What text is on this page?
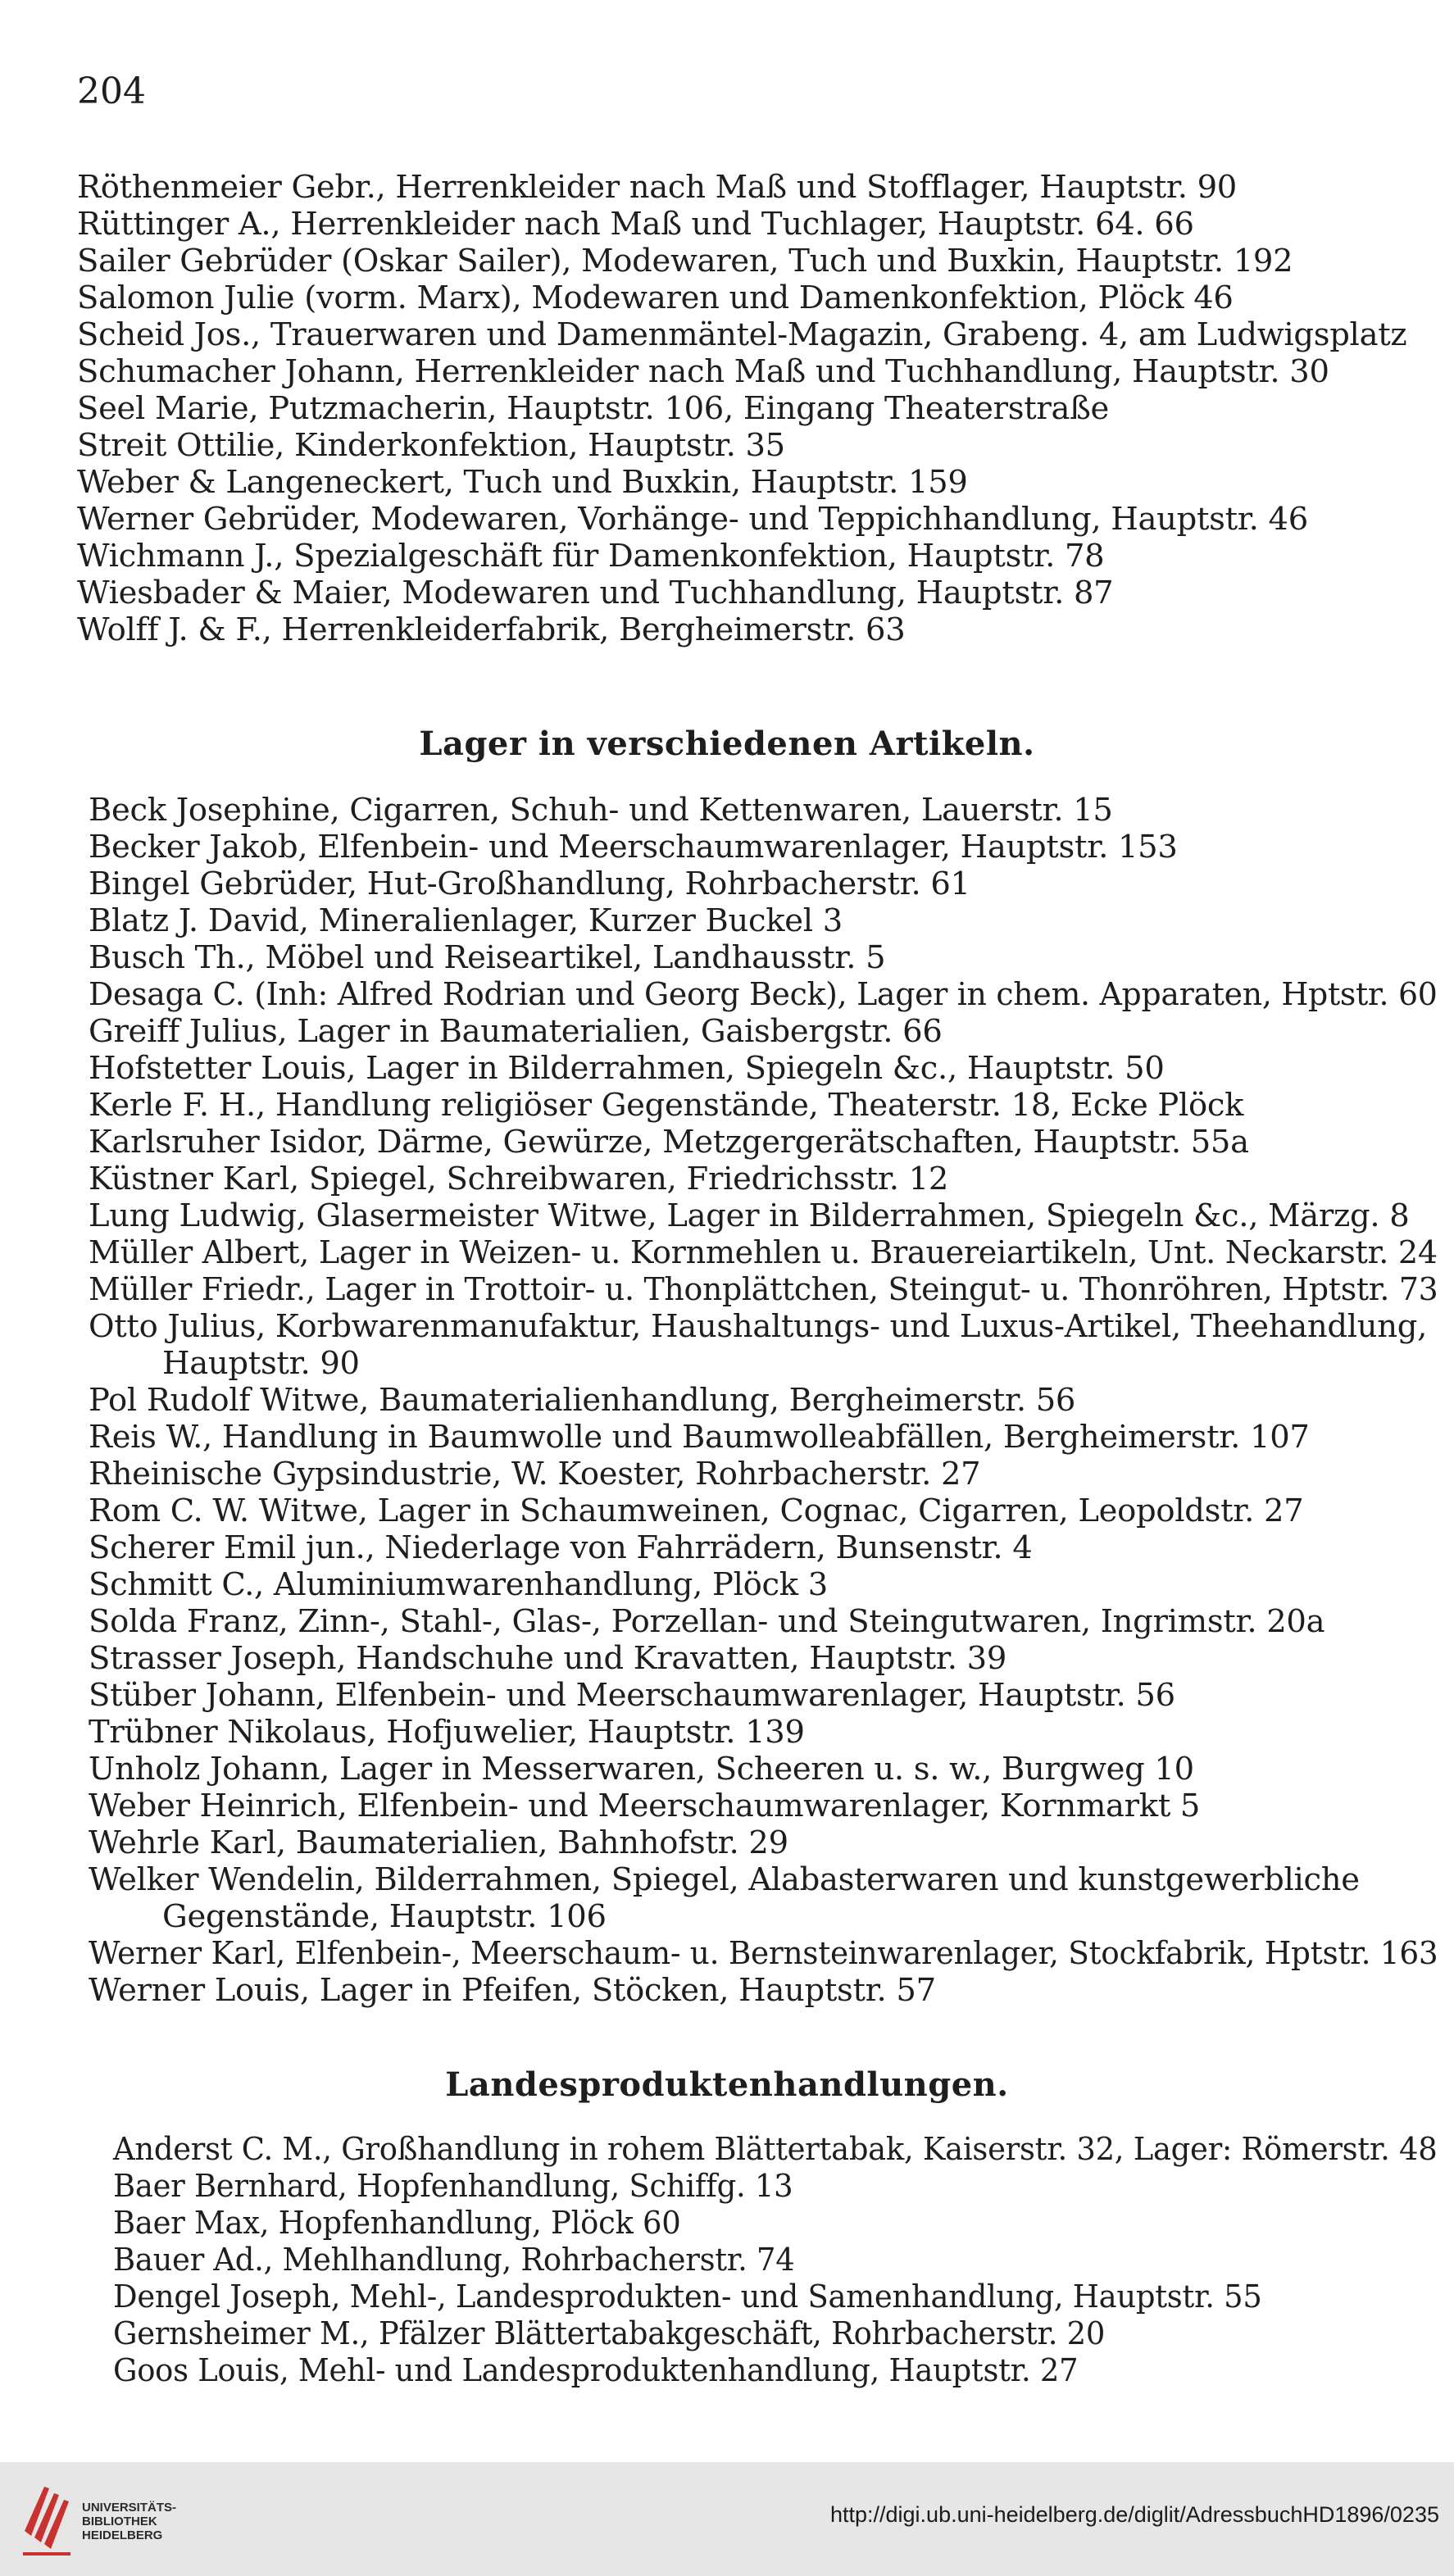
204
Röthenmeier Gebr., Herrenkleider nach Maß und Stofflager, Hauptstr. 90
Rüttinger A., Herrenkleider nach Maß und Tuchlager, Hauptstr. 64. 66
Sailer Gebrüder (Oskar Sailer), Modewaren, Tuch und Buxkin, Hauptstr. 192
Salomon Julie (vorm. Marx), Modewaren und Damenkonfektion, Plöck 46
Scheid Jos., Trauerwaren und Damenmäntel-Magazin, Grabeng. 4, am Ludwigsplatz
Schumacher Johann, Herrenkleider nach Maß und Tuchhandlung, Hauptstr. 30
Seel Marie, Putzmacherin, Hauptstr. 106, Eingang Theaterstraße
Streit Ottilie, Kinderkonfektion, Hauptstr. 35
Weber & Langeneckert, Tuch und Buxkin, Hauptstr. 159
Werner Gebrüder, Modewaren, Vorhänge- und Teppichhandlung, Hauptstr. 46
Wichmann J., Spezialgeschäft für Damenkonfektion, Hauptstr. 78
Wiesbader & Maier, Modewaren und Tuchhandlung, Hauptstr. 87
Wolff J. & F., Herrenkleiderfabrik, Bergheimerstr. 63
Lager in verschiedenen Artikeln.
Beck Josephine, Cigarren, Schuh- und Kettenwaren, Lauerstr. 15
Becker Jakob, Elfenbein- und Meerschaumwarenlager, Hauptstr. 153
Bingel Gebrüder, Hut-Großhandlung, Rohrbacherstr. 61
Blatz J. David, Mineralienlager, Kurzer Buckel 3
Busch Th., Möbel und Reiseartikel, Landhausstr. 5
Desaga C. (Inh: Alfred Rodrian und Georg Beck), Lager in chem. Apparaten, Hptstr. 60
Greiff Julius, Lager in Baumaterialien, Gaisbergstr. 66
Hofstetter Louis, Lager in Bilderrahmen, Spiegeln &c., Hauptstr. 50
Kerle F. H., Handlung religiöser Gegenstände, Theaterstr. 18, Ecke Plöck
Karlsruher Isidor, Därme, Gewürze, Metzgergerätschaften, Hauptstr. 55a
Küstner Karl, Spiegel, Schreibwaren, Friedrichsstr. 12
Lung Ludwig, Glasermeister Witwe, Lager in Bilderrahmen, Spiegeln &c., Märzg. 8
Müller Albert, Lager in Weizen- u. Kornmehlen u. Brauereiartikeln, Unt. Neckarstr. 24
Müller Friedr., Lager in Trottoir- u. Thonplättchen, Steingut- u. Thonröhren, Hptstr. 73
Otto Julius, Korbwarenmanufaktur, Haushaltungs- und Luxus-Artikel, Theehandlung, Hauptstr. 90
Pol Rudolf Witwe, Baumaterialienhandlung, Bergheimerstr. 56
Reis W., Handlung in Baumwolle und Baumwolleabfällen, Bergheimerstr. 107
Rheinische Gypsindustrie, W. Koester, Rohrbacherstr. 27
Rom C. W. Witwe, Lager in Schaumweinen, Cognac, Cigarren, Leopoldstr. 27
Scherer Emil jun., Niederlage von Fahrrädern, Bunsenstr. 4
Schmitt C., Aluminiumwarenhandlung, Plöck 3
Solda Franz, Zinn-, Stahl-, Glas-, Porzellan- und Steingutwaren, Ingrimstr. 20a
Strasser Joseph, Handschuhe und Kravatten, Hauptstr. 39
Stüber Johann, Elfenbein- und Meerschaumwarenlager, Hauptstr. 56
Trübner Nikolaus, Hofjuwelier, Hauptstr. 139
Unholz Johann, Lager in Messerwaren, Scheeren u. s. w., Burgweg 10
Weber Heinrich, Elfenbein- und Meerschaumwarenlager, Kornmarkt 5
Wehrle Karl, Baumaterialien, Bahnhofstr. 29
Welker Wendelin, Bilderrahmen, Spiegel, Alabasterwaren und kunstgewerbliche Gegenstände, Hauptstr. 106
Werner Karl, Elfenbein-, Meerschaum- u. Bernsteinwarenlager, Stockfabrik, Hptstr. 163
Werner Louis, Lager in Pfeifen, Stöcken, Hauptstr. 57
Landesproduktenhandlungen.
Anderst C. M., Großhandlung in rohem Blättertabak, Kaiserstr. 32, Lager: Römerstr. 48
Baer Bernhard, Hopfenhandlung, Schiffg. 13
Baer Max, Hopfenhandlung, Plöck 60
Bauer Ad., Mehlhandlung, Rohrbacherstr. 74
Dengel Joseph, Mehl-, Landesprodukten- und Samenhandlung, Hauptstr. 55
Gernsheimer M., Pfälzer Blättertabakgeschäft, Rohrbacherstr. 20
Goos Louis, Mehl- und Landesproduktenhandlung, Hauptstr. 27
UNIVERSITÄTS-
BIBLIOTHEK
HEIDELBERG
http://digi.ub.uni-heidelberg.de/diglit/AdressbuchHD1896/0235
